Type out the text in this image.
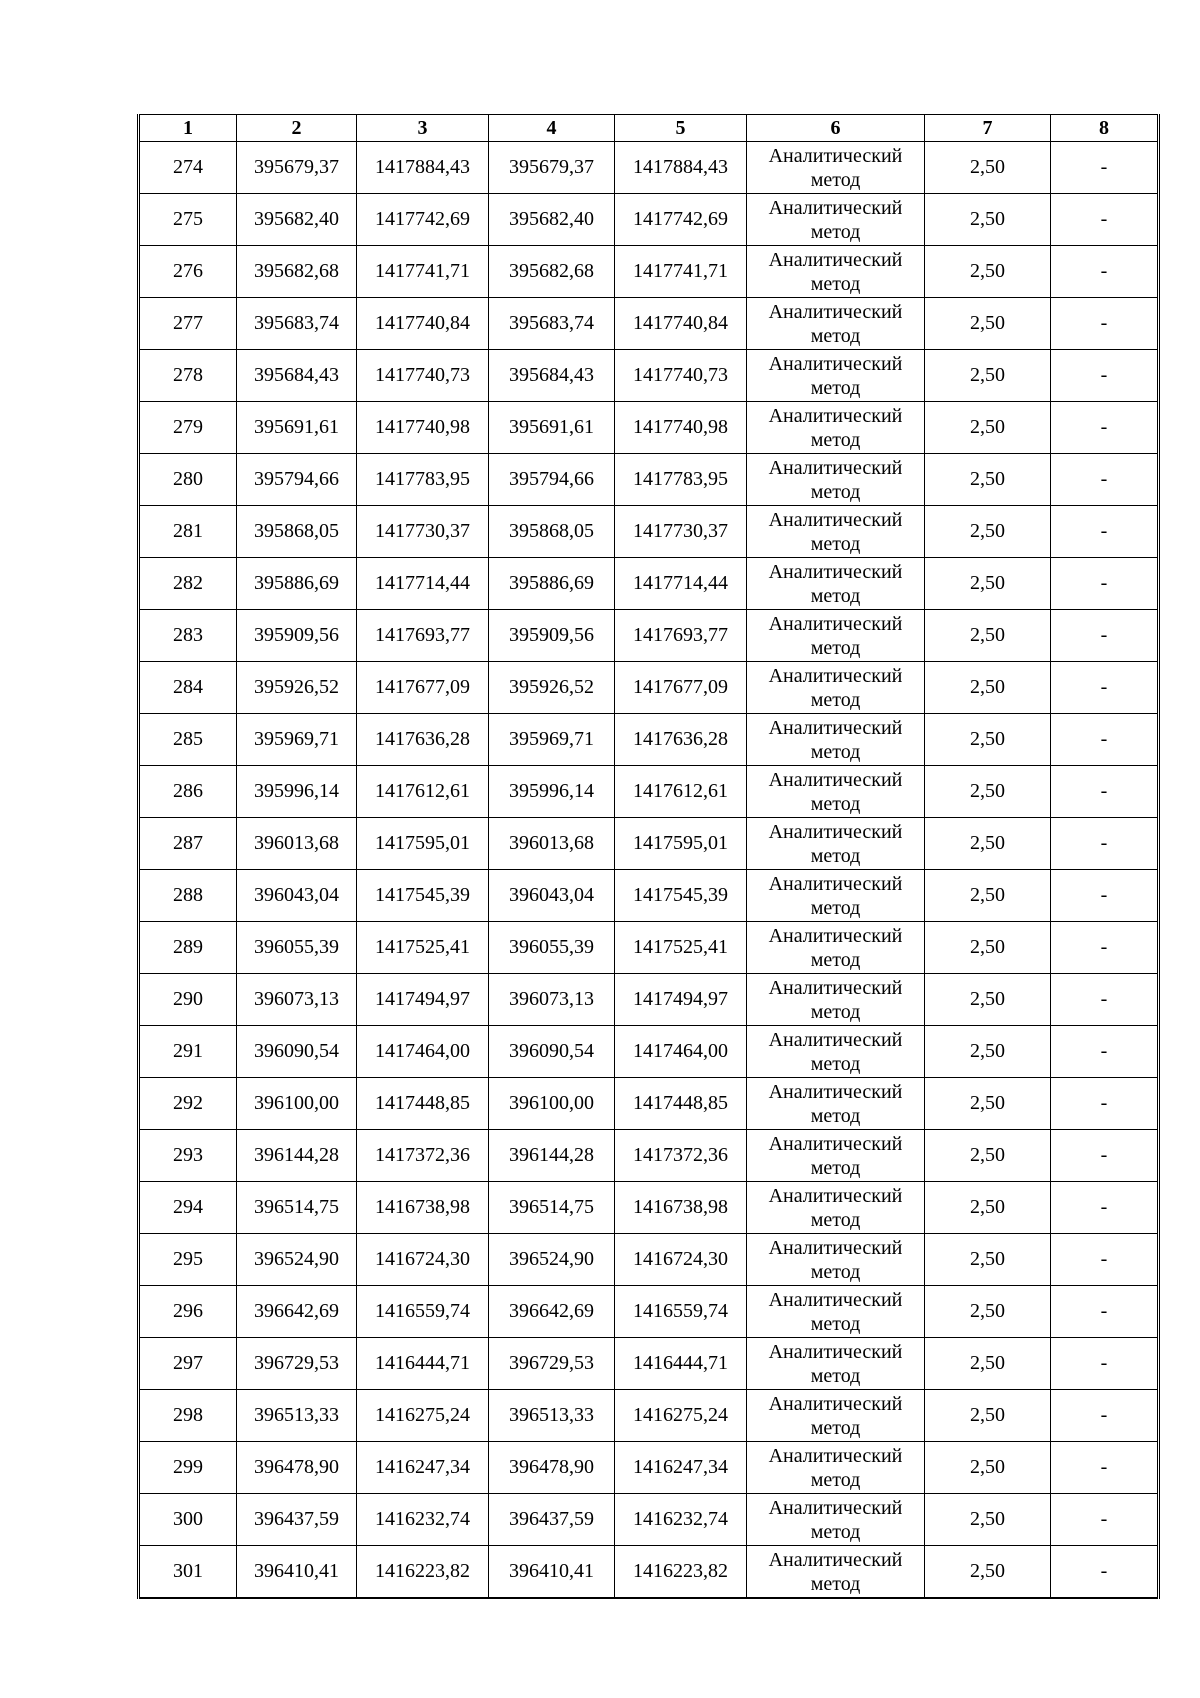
1	2	3	4	5	6	7	8
274	395679,37	1417884,43	395679,37	1417884,43	Аналитический метод	2,50	-
275	395682,40	1417742,69	395682,40	1417742,69	Аналитический метод	2,50	-
276	395682,68	1417741,71	395682,68	1417741,71	Аналитический метод	2,50	-
277	395683,74	1417740,84	395683,74	1417740,84	Аналитический метод	2,50	-
278	395684,43	1417740,73	395684,43	1417740,73	Аналитический метод	2,50	-
279	395691,61	1417740,98	395691,61	1417740,98	Аналитический метод	2,50	-
280	395794,66	1417783,95	395794,66	1417783,95	Аналитический метод	2,50	-
281	395868,05	1417730,37	395868,05	1417730,37	Аналитический метод	2,50	-
282	395886,69	1417714,44	395886,69	1417714,44	Аналитический метод	2,50	-
283	395909,56	1417693,77	395909,56	1417693,77	Аналитический метод	2,50	-
284	395926,52	1417677,09	395926,52	1417677,09	Аналитический метод	2,50	-
285	395969,71	1417636,28	395969,71	1417636,28	Аналитический метод	2,50	-
286	395996,14	1417612,61	395996,14	1417612,61	Аналитический метод	2,50	-
287	396013,68	1417595,01	396013,68	1417595,01	Аналитический метод	2,50	-
288	396043,04	1417545,39	396043,04	1417545,39	Аналитический метод	2,50	-
289	396055,39	1417525,41	396055,39	1417525,41	Аналитический метод	2,50	-
290	396073,13	1417494,97	396073,13	1417494,97	Аналитический метод	2,50	-
291	396090,54	1417464,00	396090,54	1417464,00	Аналитический метод	2,50	-
292	396100,00	1417448,85	396100,00	1417448,85	Аналитический метод	2,50	-
293	396144,28	1417372,36	396144,28	1417372,36	Аналитический метод	2,50	-
294	396514,75	1416738,98	396514,75	1416738,98	Аналитический метод	2,50	-
295	396524,90	1416724,30	396524,90	1416724,30	Аналитический метод	2,50	-
296	396642,69	1416559,74	396642,69	1416559,74	Аналитический метод	2,50	-
297	396729,53	1416444,71	396729,53	1416444,71	Аналитический метод	2,50	-
298	396513,33	1416275,24	396513,33	1416275,24	Аналитический метод	2,50	-
299	396478,90	1416247,34	396478,90	1416247,34	Аналитический метод	2,50	-
300	396437,59	1416232,74	396437,59	1416232,74	Аналитический метод	2,50	-
301	396410,41	1416223,82	396410,41	1416223,82	Аналитический метод	2,50	-
